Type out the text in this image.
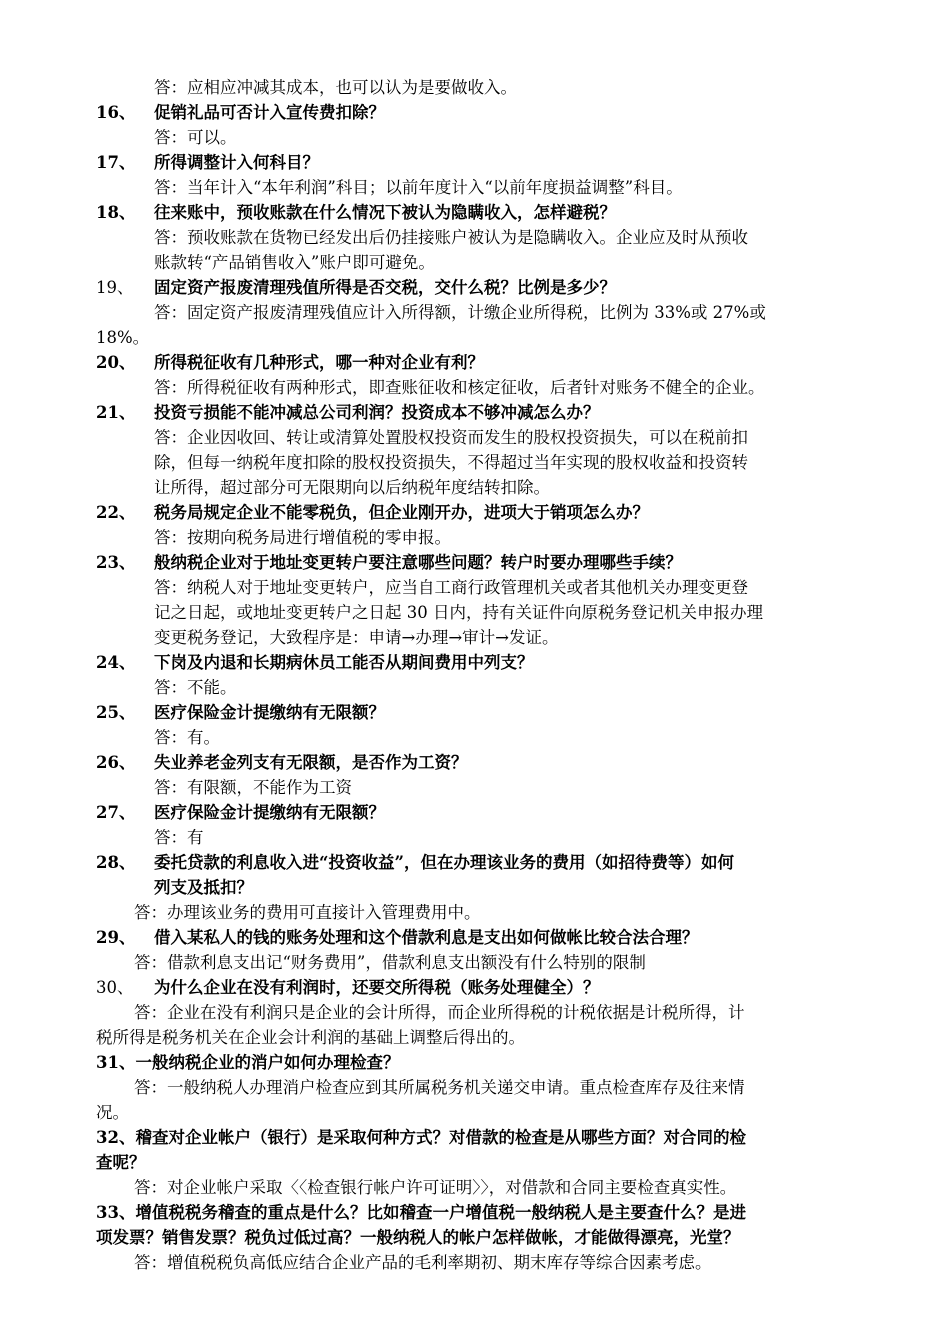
答：应相应冲减其成本，也可以认为是要做收入。
16、 促销礼品可否计入宣传费扣除？
答：可以。
17、 所得调整计入何科目？
答：当年计入“本年利润”科目；以前年度计入“以前年度损益调整”科目。
18、 往来账中，预收账款在什么情况下被认为隐瞒收入，怎样避税？
答：预收账款在货物已经发出后仍挂接账户被认为是隐瞒收入。企业应及时从预收
账款转“产品销售收入”账户即可避免。
19、 固定资产报废清理残值所得是否交税，交什么税？比例是多少？
答：固定资产报废清理残值应计入所得额，计缴企业所得税，比例为 33%或 27%或
18%。
20、 所得税征收有几种形式，哪一种对企业有利？
答：所得税征收有两种形式，即查账征收和核定征收，后者针对账务不健全的企业。
21、 投资亏损能不能冲减总公司利润？投资成本不够冲减怎么办？
答：企业因收回、转让或清算处置股权投资而发生的股权投资损失，可以在税前扣
除，但每一纳税年度扣除的股权投资损失，不得超过当年实现的股权收益和投资转
让所得，超过部分可无限期向以后纳税年度结转扣除。
22、 税务局规定企业不能零税负，但企业刚开办，进项大于销项怎么办？
答：按期向税务局进行增值税的零申报。
23、 般纳税企业对于地址变更转户要注意哪些问题？转户时要办理哪些手续？
答：纳税人对于地址变更转户，应当自工商行政管理机关或者其他机关办理变更登
记之日起，或地址变更转户之日起 30 日内，持有关证件向原税务登记机关申报办理
变更税务登记，大致程序是：申请→办理→审计→发证。
24、 下岗及内退和长期病休员工能否从期间费用中列支？
答：不能。
25、 医疗保险金计提缴纳有无限额？
答：有。
26、 失业养老金列支有无限额，是否作为工资？
答：有限额，不能作为工资
27、 医疗保险金计提缴纳有无限额？
答：有
28、 委托贷款的利息收入进“投资收益”，但在办理该业务的费用（如招待费等）如何
列支及抵扣？
答：办理该业务的费用可直接计入管理费用中。
29、 借入某私人的钱的账务处理和这个借款利息是支出如何做帐比较合法合理？
答：借款利息支出记“财务费用”，借款利息支出额没有什么特别的限制
30、 为什么企业在没有利润时，还要交所得税（账务处理健全）？
答：企业在没有利润只是企业的会计所得，而企业所得税的计税依据是计税所得，计
税所得是税务机关在企业会计利润的基础上调整后得出的。
31、一般纳税企业的消户如何办理检查？
答：一般纳税人办理消户检查应到其所属税务机关递交申请。重点检查库存及往来情
况。
32、稽查对企业帐户（银行）是采取何种方式？对借款的检查是从哪些方面？对合同的检
查呢？
答：对企业帐户采取〈〈检查银行帐户许可证明〉〉，对借款和合同主要检查真实性。
33、增值税税务稽查的重点是什么？比如稽查一户增值税一般纳税人是主要查什么？是进
项发票？销售发票？税负过低过高？一般纳税人的帐户怎样做帐，才能做得漂亮，光堂？
答：增值税税负高低应结合企业产品的毛利率期初、期末库存等综合因素考虑。
